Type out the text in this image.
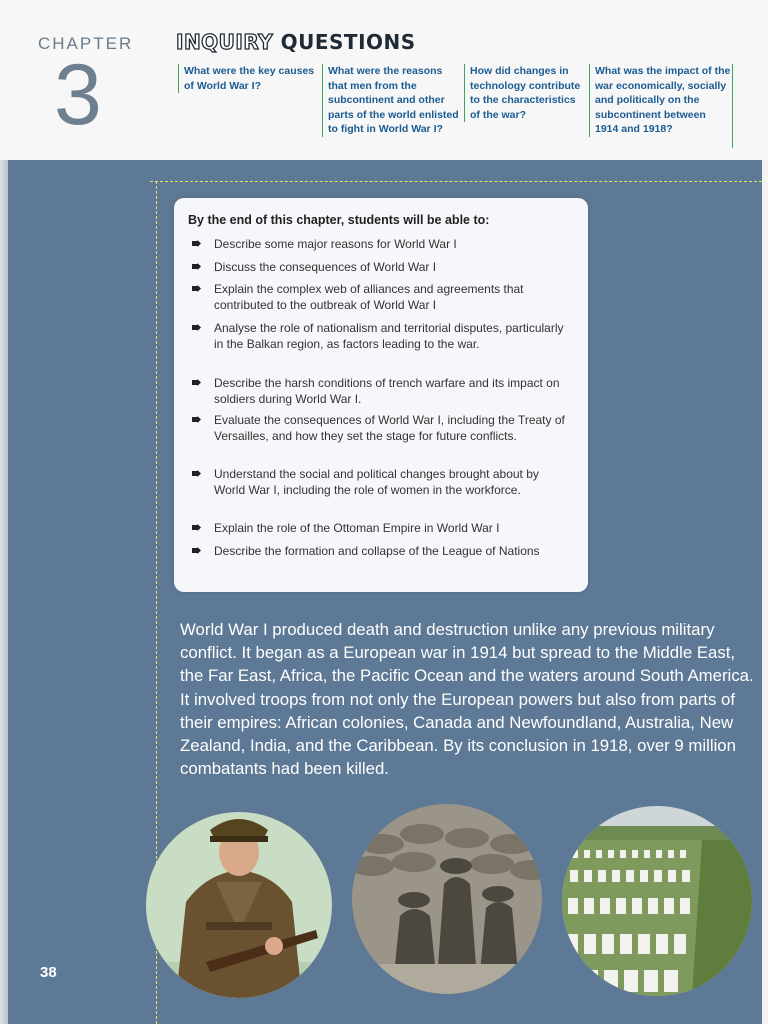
CHAPTER
3
INQUIRY QUESTIONS
What were the key causes of World War I?
What were the reasons that men from the subcontinent and other parts of the world enlisted to fight in World War I?
How did changes in technology contribute to the characteristics of the war?
What was the impact of the war economically, socially and politically on the subcontinent between 1914 and 1918?
By the end of this chapter, students will be able to:
Describe some major reasons for World War I
Discuss the consequences of World War I
Explain the complex web of alliances and agreements that contributed to the outbreak of World War I
Analyse the role of nationalism and territorial disputes, particularly in the Balkan region, as factors leading to the war.
Describe the harsh conditions of trench warfare and its impact on soldiers during World War I.
Evaluate the consequences of World War I, including the Treaty of Versailles, and how they set the stage for future conflicts.
Understand the social and political changes brought about by World War I, including the role of women in the workforce.
Explain the role of the Ottoman Empire in World War I
Describe the formation and collapse of the League of Nations
World War I produced death and destruction unlike any previous military conflict. It began as a European war in 1914 but spread to the Middle East, the Far East, Africa, the Pacific Ocean and the waters around South America. It involved troops from not only the European powers but also from parts of their empires: African colonies, Canada and Newfoundland, Australia, New Zealand, India, and the Caribbean. By its conclusion in 1918, over 9 million combatants had been killed.
38
